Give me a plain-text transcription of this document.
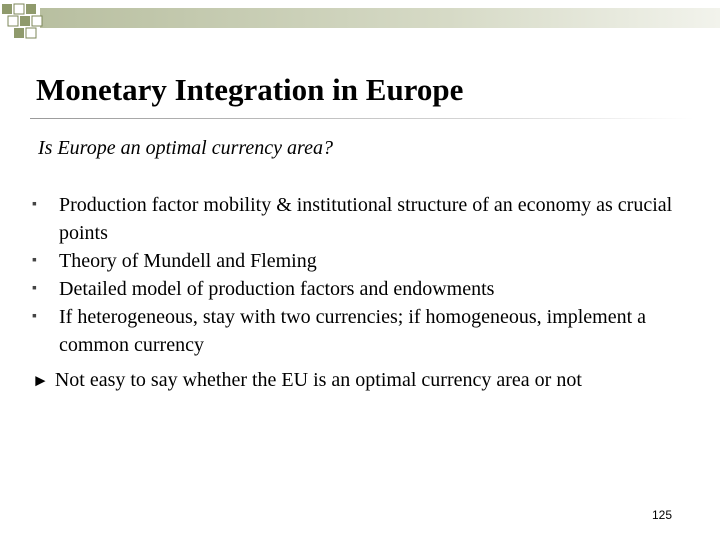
Monetary Integration in Europe
Is Europe an optimal currency area?
▪ Production factor mobility & institutional structure of an economy as crucial points
▪ Theory of Mundell and Fleming
▪ Detailed model of production factors and endowments
▪ If heterogeneous, stay with two currencies; if homogeneous, implement a common currency
► Not easy to say whether the EU is an optimal currency area or not
125
